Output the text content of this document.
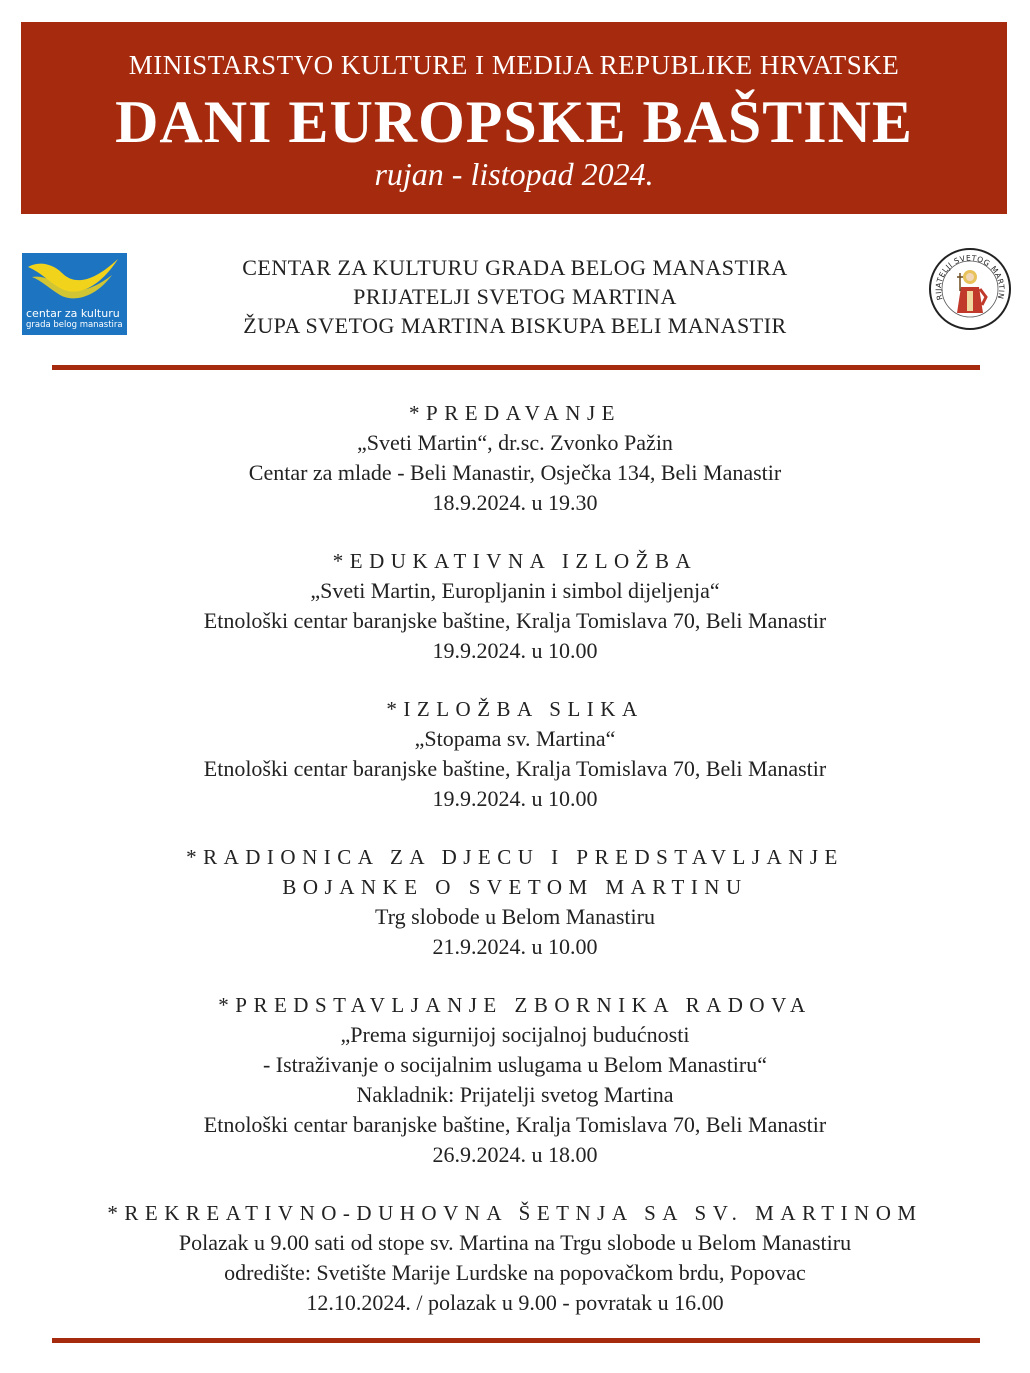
MINISTARSTVO KULTURE I MEDIJA REPUBLIKE HRVATSKE
DANI EUROPSKE BAŠTINE
rujan - listopad 2024.
centar za kulturu
grada belog manastira
RIJATELJI SVETOG MARTIN
CENTAR ZA KULTURU GRADA BELOG MANASTIRA
PRIJATELJI SVETOG MARTINA
ŽUPA SVETOG MARTINA BISKUPA BELI MANASTIR
*PREDAVANJE
„Sveti Martin“, dr.sc. Zvonko Pažin
Centar za mlade - Beli Manastir, Osječka 134, Beli Manastir
18.9.2024. u 19.30
*EDUKATIVNA IZLOŽBA
„Sveti Martin, Europljanin i simbol dijeljenja“
Etnološki centar baranjske baštine, Kralja Tomislava 70, Beli Manastir
19.9.2024. u 10.00
*IZLOŽBA SLIKA
„Stopama sv. Martina“
Etnološki centar baranjske baštine, Kralja Tomislava 70, Beli Manastir
19.9.2024. u 10.00
*RADIONICA ZA DJECU I PREDSTAVLJANJE
BOJANKE O SVETOM MARTINU
Trg slobode u Belom Manastiru
21.9.2024. u 10.00
*PREDSTAVLJANJE ZBORNIKA RADOVA
„Prema sigurnijoj socijalnoj budućnosti
- Istraživanje o socijalnim uslugama u Belom Manastiru“
Nakladnik: Prijatelji svetog Martina
Etnološki centar baranjske baštine, Kralja Tomislava 70, Beli Manastir
26.9.2024. u 18.00
*REKREATIVNO-DUHOVNA ŠETNJA SA SV. MARTINOM
Polazak u 9.00 sati od stope sv. Martina na Trgu slobode u Belom Manastiru
odredište: Svetište Marije Lurdske na popovačkom brdu, Popovac
12.10.2024. / polazak u 9.00 - povratak u 16.00
